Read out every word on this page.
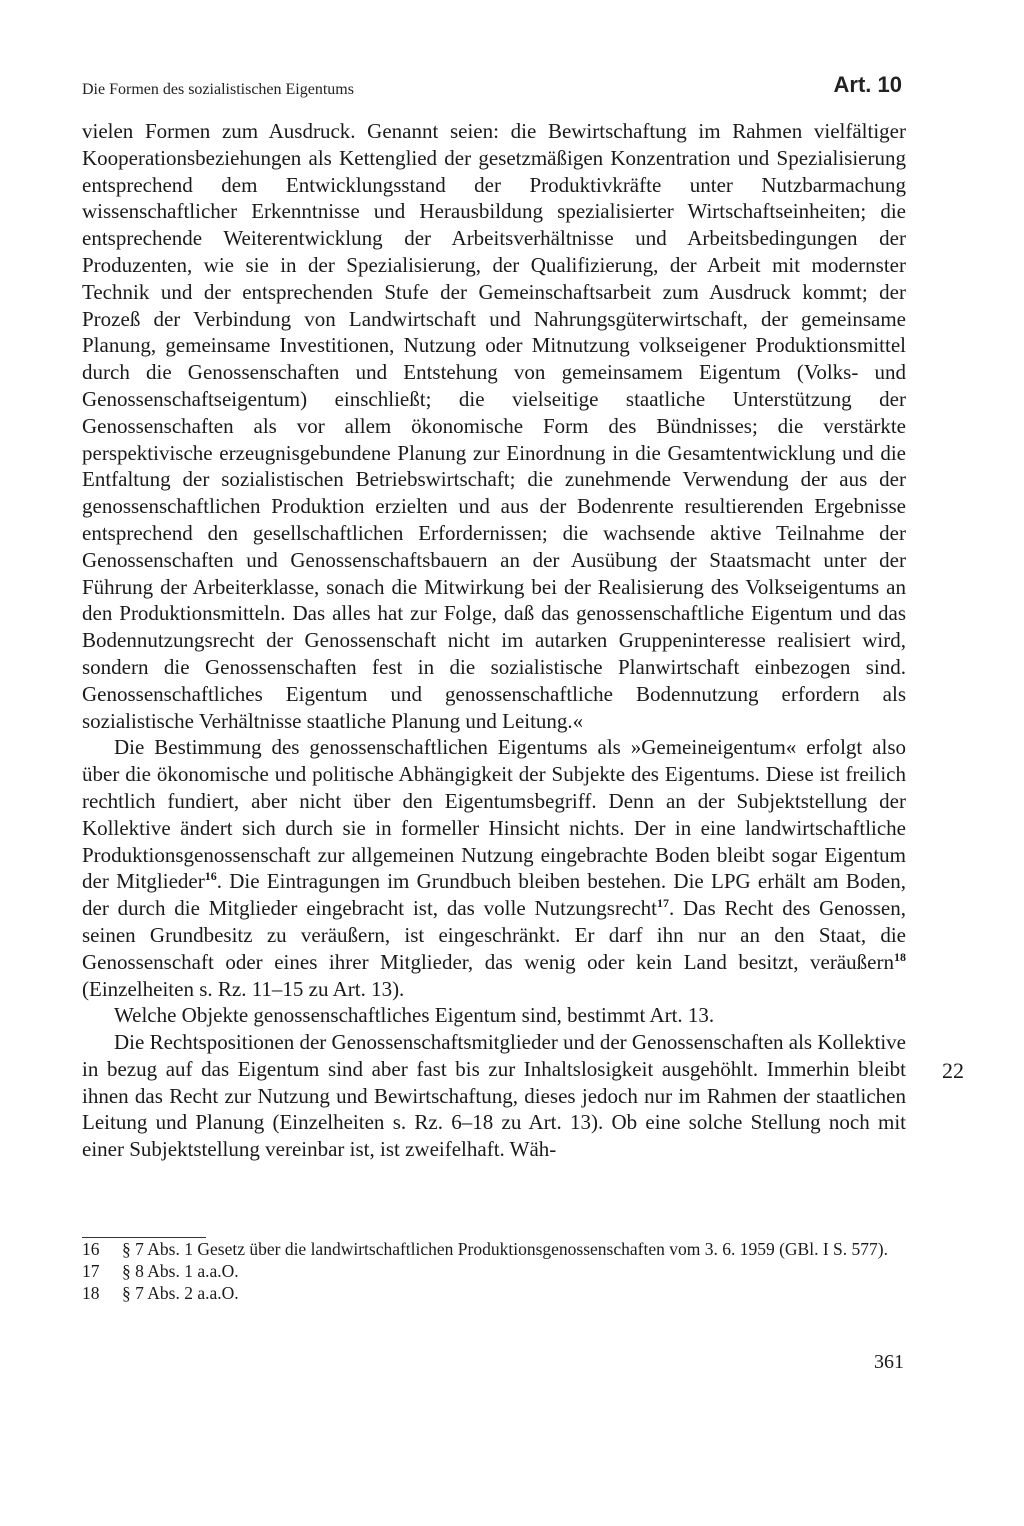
Die Formen des sozialistischen Eigentums	Art. 10

vielen Formen zum Ausdruck. Genannt seien: die Bewirtschaftung im Rahmen vielfältiger Kooperationsbeziehungen als Kettenglied der gesetzmäßigen Konzentration und Spezialisierung entsprechend dem Entwicklungsstand der Produktivkräfte unter Nutzbarmachung wissenschaftlicher Erkenntnisse und Herausbildung spezialisierter Wirtschaftseinheiten; die entsprechende Weiterentwicklung der Arbeitsverhältnisse und Arbeitsbedingungen der Produzenten, wie sie in der Spezialisierung, der Qualifizierung, der Arbeit mit modernster Technik und der entsprechenden Stufe der Gemeinschaftsarbeit zum Ausdruck kommt; der Prozeß der Verbindung von Landwirtschaft und Nahrungsgüterwirtschaft, der gemeinsame Planung, gemeinsame Investitionen, Nutzung oder Mitnutzung volkseigener Produktionsmittel durch die Genossenschaften und Entstehung von gemeinsamem Eigentum (Volks- und Genossenschaftseigentum) einschließt; die vielseitige staatliche Unterstützung der Genossenschaften als vor allem ökonomische Form des Bündnisses; die verstärkte perspektivische erzeugnisgebundene Planung zur Einordnung in die Gesamtentwicklung und die Entfaltung der sozialistischen Betriebswirtschaft; die zunehmende Verwendung der aus der genossenschaftlichen Produktion erzielten und aus der Bodenrente resultierenden Ergebnisse entsprechend den gesellschaftlichen Erfordernissen; die wachsende aktive Teilnahme der Genossenschaften und Genossenschaftsbauern an der Ausübung der Staatsmacht unter der Führung der Arbeiterklasse, sonach die Mitwirkung bei der Realisierung des Volkseigentums an den Produktionsmitteln. Das alles hat zur Folge, daß das genossenschaftliche Eigentum und das Bodennutzungsrecht der Genossenschaft nicht im autarken Gruppeninteresse realisiert wird, sondern die Genossenschaften fest in die sozialistische Planwirtschaft einbezogen sind. Genossenschaftliches Eigentum und genossenschaftliche Bodennutzung erfordern als sozialistische Verhältnisse staatliche Planung und Leitung.«

Die Bestimmung des genossenschaftlichen Eigentums als »Gemeineigentum« erfolgt also über die ökonomische und politische Abhängigkeit der Subjekte des Eigentums. Diese ist freilich rechtlich fundiert, aber nicht über den Eigentumsbegriff. Denn an der Subjektstellung der Kollektive ändert sich durch sie in formeller Hinsicht nichts. Der in eine landwirtschaftliche Produktionsgenossenschaft zur allgemeinen Nutzung eingebrachte Boden bleibt sogar Eigentum der Mitglieder$^{16}$. Die Eintragungen im Grundbuch bleiben bestehen. Die LPG erhält am Boden, der durch die Mitglieder eingebracht ist, das volle Nutzungsrecht$^{17}$. Das Recht des Genossen, seinen Grundbesitz zu veräußern, ist eingeschränkt. Er darf ihn nur an den Staat, die Genossenschaft oder eines ihrer Mitglieder, das wenig oder kein Land besitzt, veräußern$^{18}$ (Einzelheiten s. Rz. 11–15 zu Art. 13).

Welche Objekte genossenschaftliches Eigentum sind, bestimmt Art. 13.

Die Rechtspositionen der Genossenschaftsmitglieder und der Genossenschaften als Kollektive in bezug auf das Eigentum sind aber fast bis zur Inhaltslosigkeit ausgehöhlt. Immerhin bleibt ihnen das Recht zur Nutzung und Bewirtschaftung, dieses jedoch nur im Rahmen der staatlichen Leitung und Planung (Einzelheiten s. Rz. 6–18 zu Art. 13). Ob eine solche Stellung noch mit einer Subjektstellung vereinbar ist, ist zweifelhaft. Wäh-

22

16 § 7 Abs. 1 Gesetz über die landwirtschaftlichen Produktionsgenossenschaften vom 3. 6. 1959 (GBl. I S. 577).

17 § 8 Abs. 1 a.a.O.

18 § 7 Abs. 2 a.a.O.

361
